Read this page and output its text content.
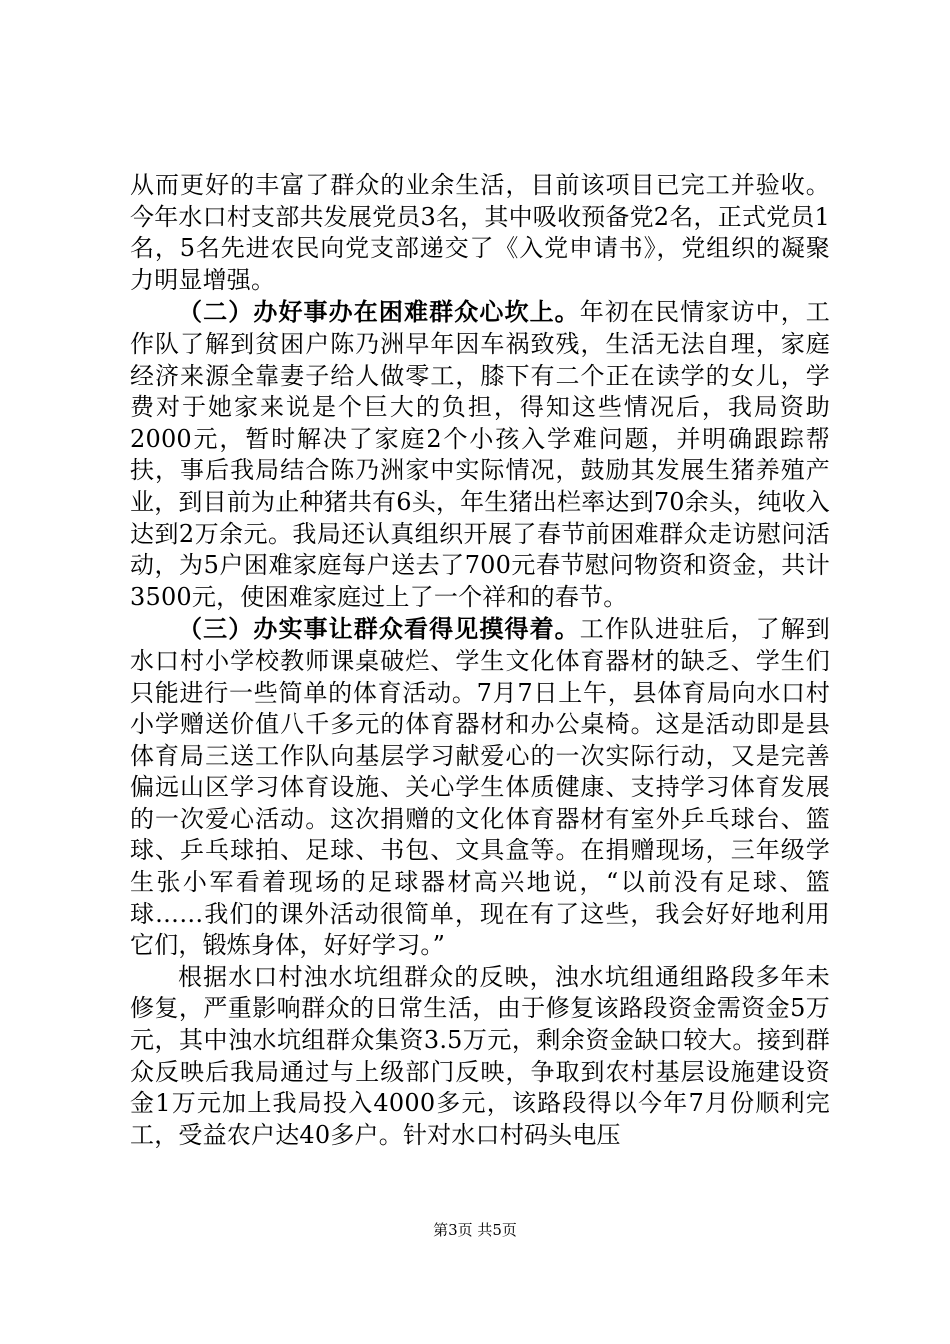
从而更好的丰富了群众的业余生活，目前该项目已完工并验收。今年水口村支部共发展党员3名，其中吸收预备党2名，正式党员1名，5名先进农民向党支部递交了《入党申请书》，党组织的凝聚力明显增强。

（二）办好事办在困难群众心坎上。年初在民情家访中，工作队了解到贫困户陈乃洲早年因车祸致残，生活无法自理，家庭经济来源全靠妻子给人做零工，膝下有二个正在读学的女儿，学费对于她家来说是个巨大的负担，得知这些情况后，我局资助2000元，暂时解决了家庭2个小孩入学难问题，并明确跟踪帮扶，事后我局结合陈乃洲家中实际情况，鼓励其发展生猪养殖产业，到目前为止种猪共有6头，年生猪出栏率达到70余头，纯收入达到2万余元。我局还认真组织开展了春节前困难群众走访慰问活动，为5户困难家庭每户送去了700元春节慰问物资和资金，共计3500元，使困难家庭过上了一个祥和的春节。

（三）办实事让群众看得见摸得着。工作队进驻后，了解到水口村小学校教师课桌破烂、学生文化体育器材的缺乏、学生们只能进行一些简单的体育活动。7月7日上午，县体育局向水口村小学赠送价值八千多元的体育器材和办公桌椅。这是活动即是县体育局三送工作队向基层学习献爱心的一次实际行动，又是完善偏远山区学习体育设施、关心学生体质健康、支持学习体育发展的一次爱心活动。这次捐赠的文化体育器材有室外乒乓球台、篮球、乒乓球拍、足球、书包、文具盒等。在捐赠现场，三年级学生张小军看着现场的足球器材高兴地说，“以前没有足球、篮球……我们的课外活动很简单，现在有了这些，我会好好地利用它们，锻炼身体，好好学习。”

根据水口村浊水坑组群众的反映，浊水坑组通组路段多年未修复，严重影响群众的日常生活，由于修复该路段资金需资金5万元，其中浊水坑组群众集资3.5万元，剩余资金缺口较大。接到群众反映后我局通过与上级部门反映，争取到农村基层设施建设资金1万元加上我局投入4000多元，该路段得以今年7月份顺利完工，受益农户达40多户。针对水口村码头电压

第3页 共5页
